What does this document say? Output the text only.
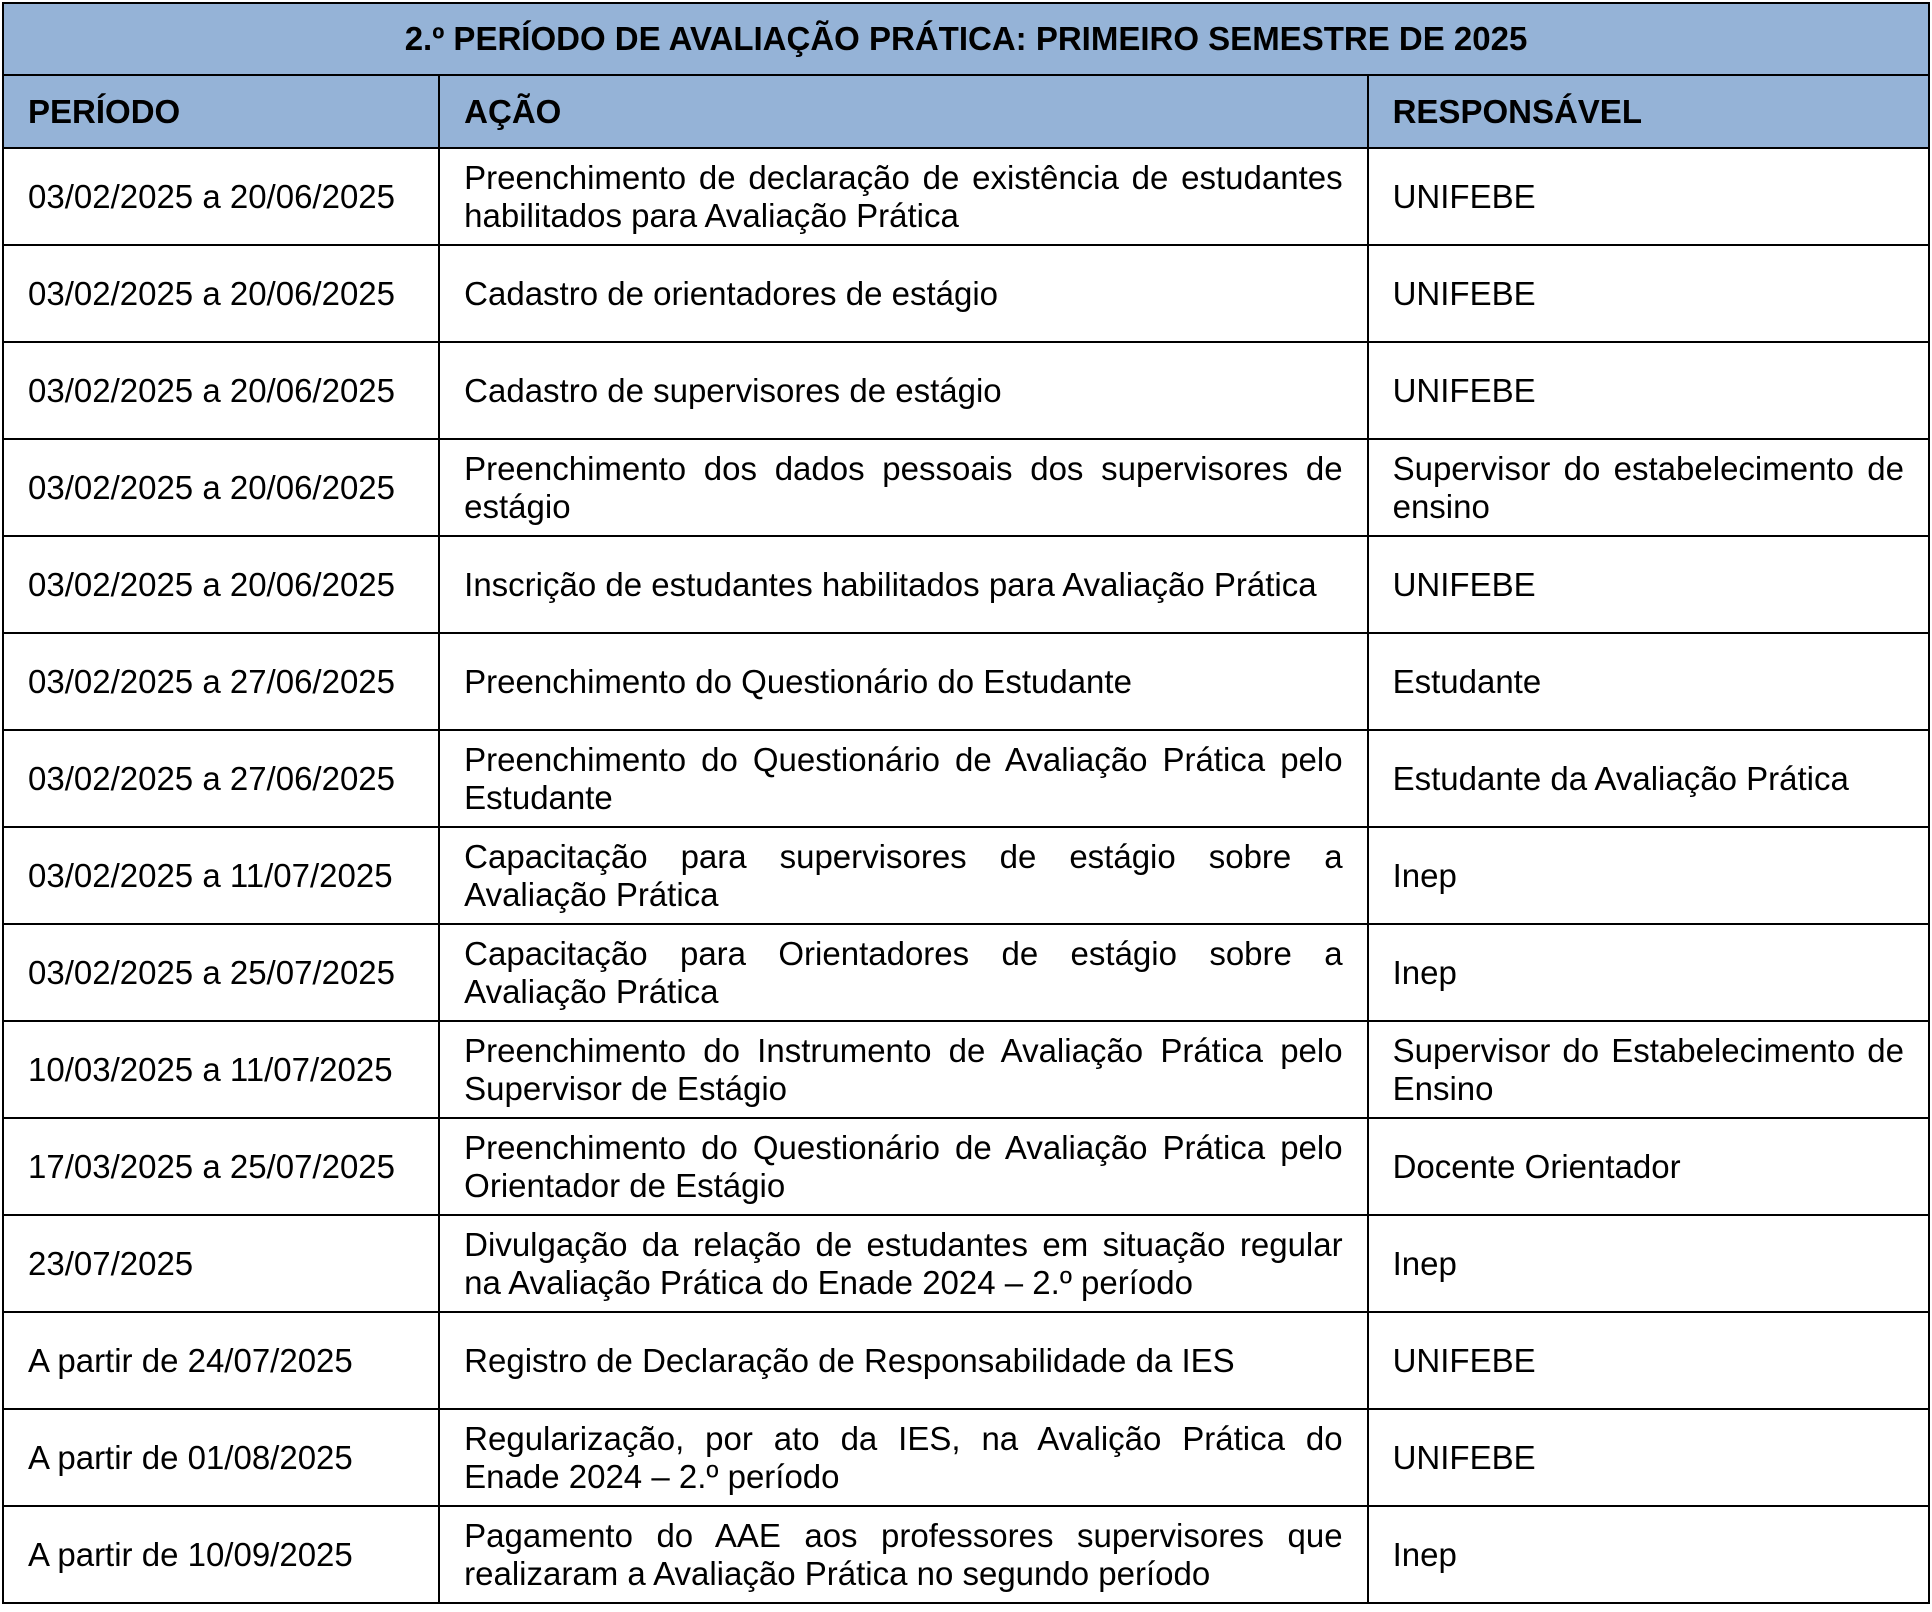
2.º PERÍODO DE AVALIAÇÃO PRÁTICA: PRIMEIRO SEMESTRE DE 2025		
PERÍODO	AÇÃO	RESPONSÁVEL
03/02/2025 a 20/06/2025	Preenchimento de declaração de existência de estudantes habilitados para Avaliação Prática	UNIFEBE
03/02/2025 a 20/06/2025	Cadastro de orientadores de estágio	UNIFEBE
03/02/2025 a 20/06/2025	Cadastro de supervisores de estágio	UNIFEBE
03/02/2025 a 20/06/2025	Preenchimento dos dados pessoais dos supervisores de estágio	Supervisor do estabelecimento de ensino
03/02/2025 a 20/06/2025	Inscrição de estudantes habilitados para Avaliação Prática	UNIFEBE
03/02/2025 a 27/06/2025	Preenchimento do Questionário do Estudante	Estudante
03/02/2025 a 27/06/2025	Preenchimento do Questionário de Avaliação Prática pelo Estudante	Estudante da Avaliação Prática
03/02/2025 a 11/07/2025	Capacitação para supervisores de estágio sobre a Avaliação Prática	Inep
03/02/2025 a 25/07/2025	Capacitação para Orientadores de estágio sobre a Avaliação Prática	Inep
10/03/2025 a 11/07/2025	Preenchimento do Instrumento de Avaliação Prática pelo Supervisor de Estágio	Supervisor do Estabelecimento de Ensino
17/03/2025 a 25/07/2025	Preenchimento do Questionário de Avaliação Prática pelo Orientador de Estágio	Docente Orientador
23/07/2025	Divulgação da relação de estudantes em situação regular na Avaliação Prática do Enade 2024 – 2.º período	Inep
A partir de 24/07/2025	Registro de Declaração de Responsabilidade da IES	UNIFEBE
A partir de 01/08/2025	Regularização, por ato da IES, na Avalição Prática do Enade 2024 – 2.º período	UNIFEBE
A partir de 10/09/2025	Pagamento do AAE aos professores supervisores que realizaram a Avaliação Prática no segundo período	Inep
